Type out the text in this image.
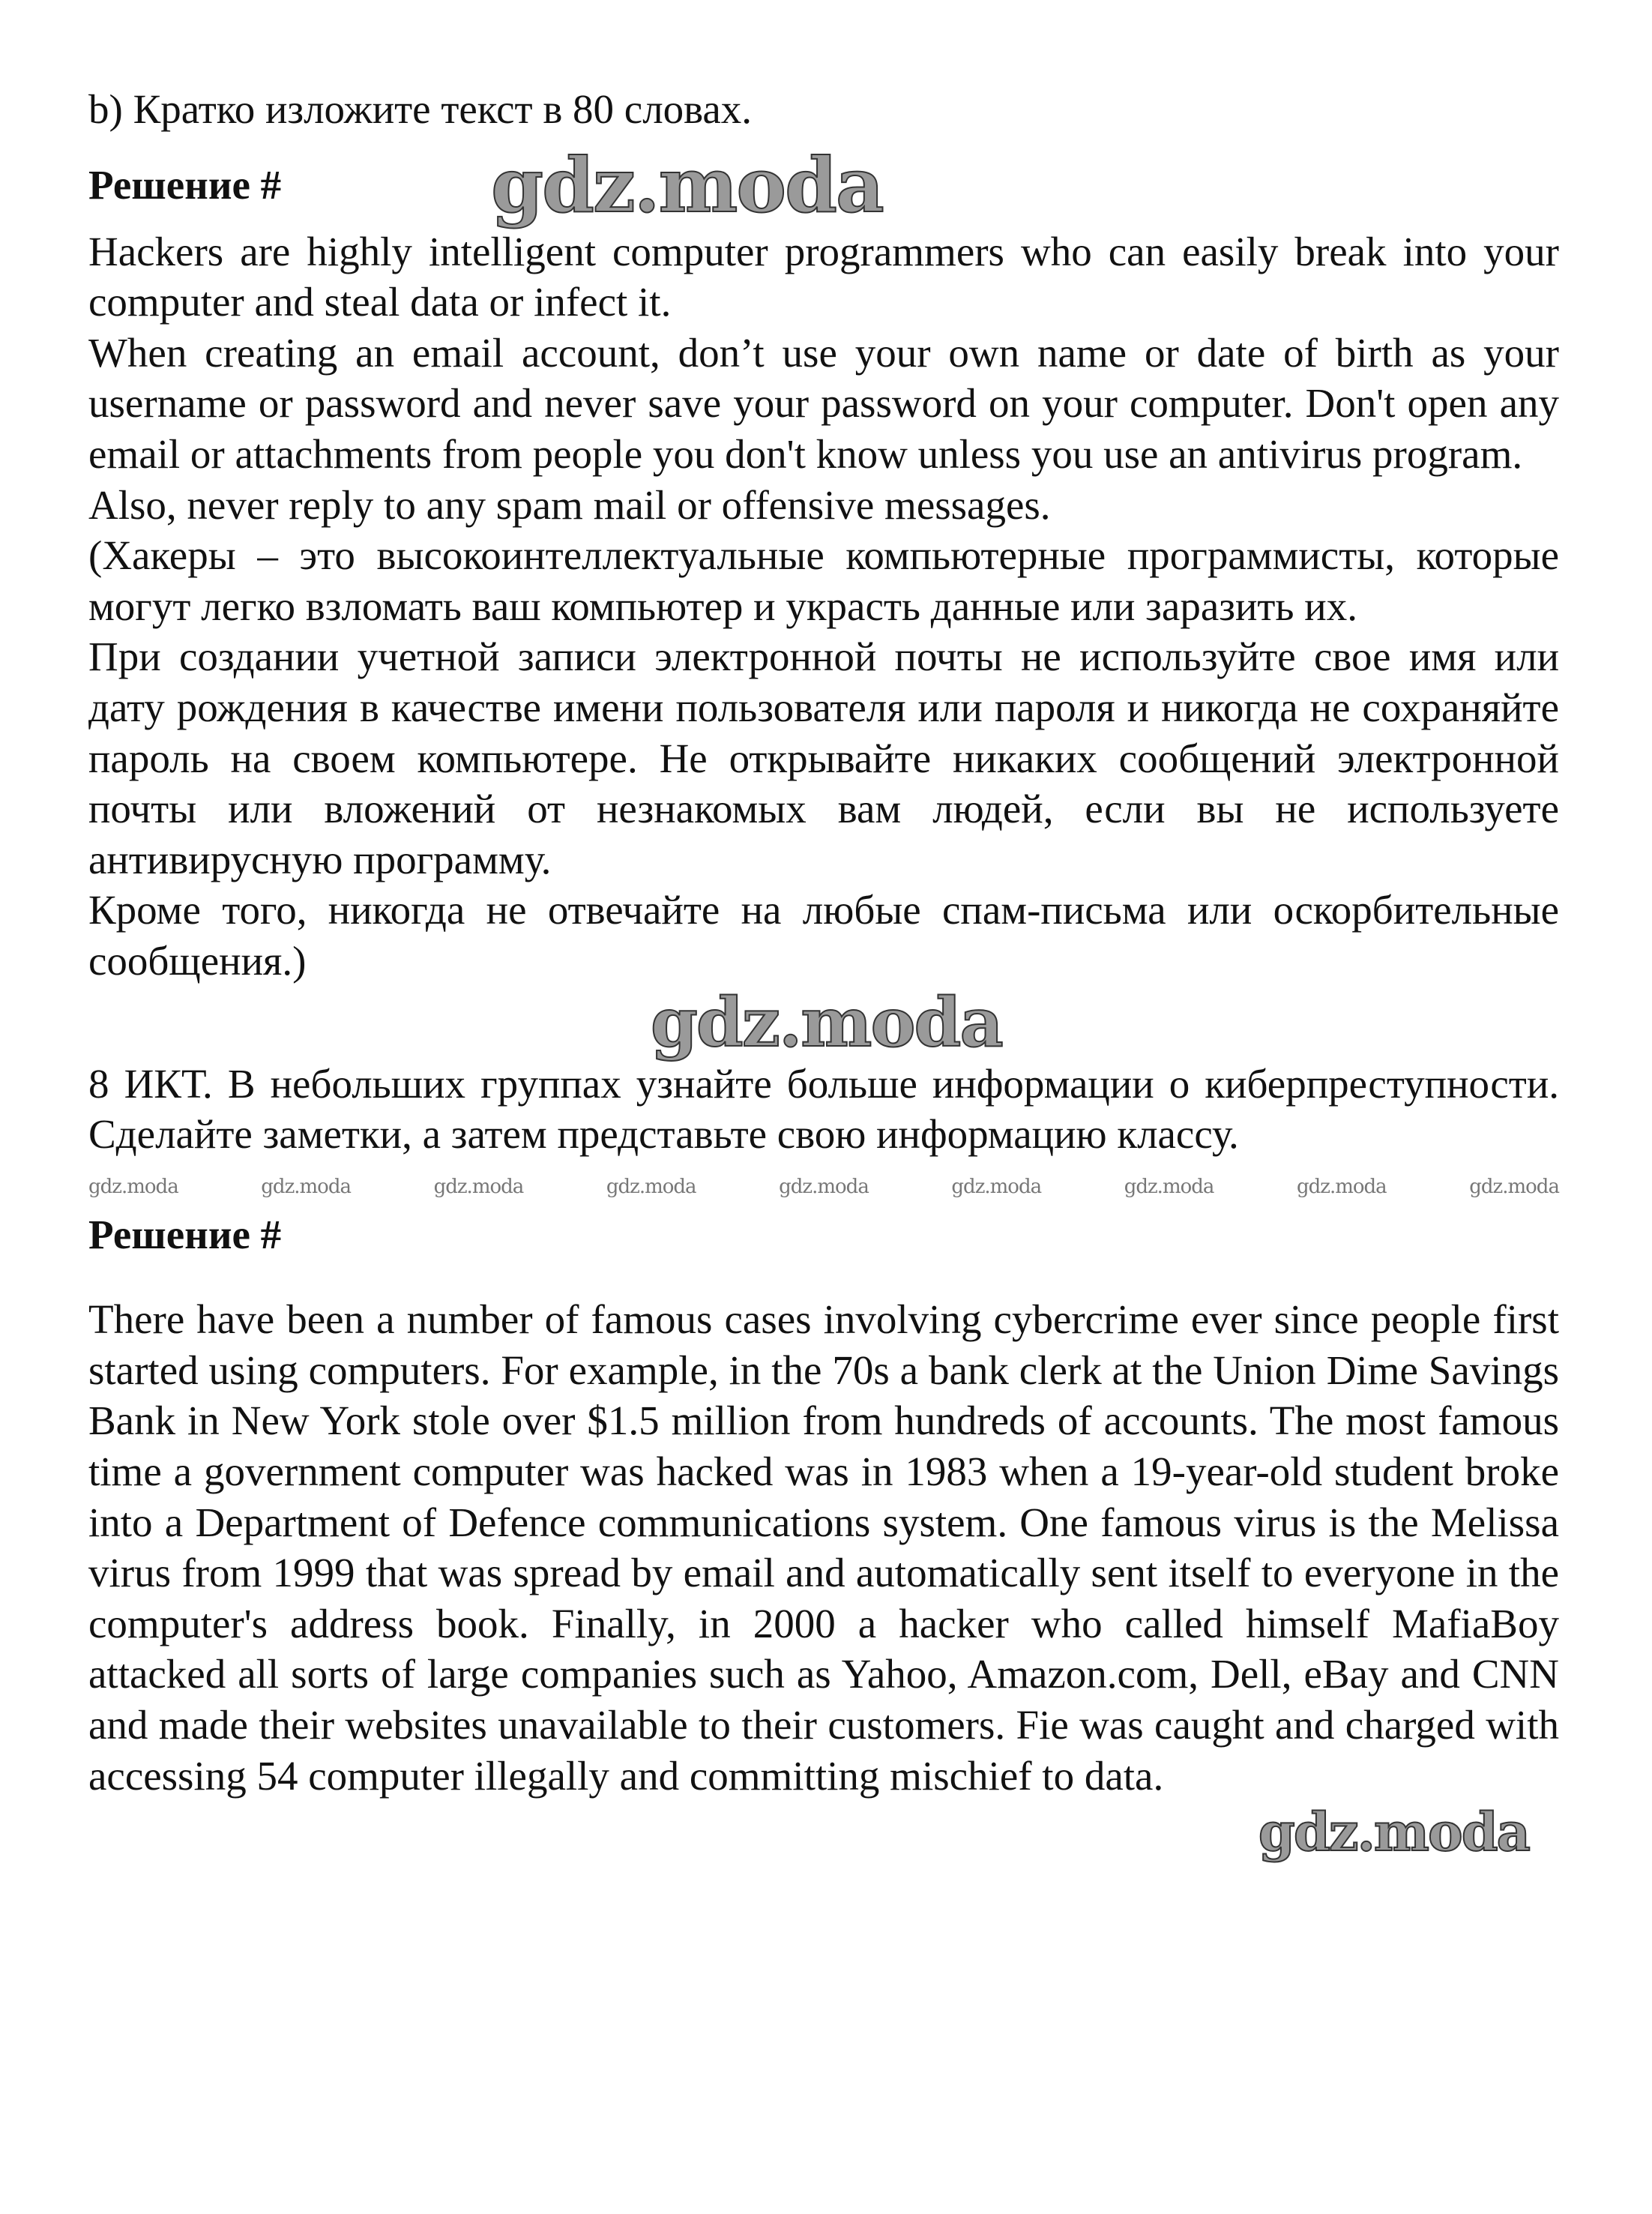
b) Кратко изложите текст в 80 словах.

Решение #	gdz.moda

Hackers are highly intelligent computer programmers who can easily break into your computer and steal data or infect it.

When creating an email account, don’t use your own name or date of birth as your username or password and never save your password on your computer. Don't open any email or attachments from people you don't know unless you use an antivirus program.

Also, never reply to any spam mail or offensive messages.

(Хакеры – это высокоинтеллектуальные компьютерные программисты, которые могут легко взломать ваш компьютер и украсть данные или заразить их.

При создании учетной записи электронной почты не используйте свое имя или дату рождения в качестве имени пользователя или пароля и никогда не сохраняйте пароль на своем компьютере. Не открывайте никаких сообщений электронной почты или вложений от незнакомых вам людей, если вы не используете антивирусную программу.

Кроме того, никогда не отвечайте на любые спам-письма или оскорбительные сообщения.)

gdz.moda

8 ИКТ. В небольших группах узнайте больше информации о киберпреступности. Сделайте заметки, а затем представьте свою информацию классу.

gdz.moda	gdz.moda	gdz.moda	gdz.moda	gdz.moda	gdz.moda	gdz.moda	gdz.moda	gdz.moda
Решение #

There have been a number of famous cases involving cybercrime ever since people first started using computers. For example, in the 70s a bank clerk at the Union Dime Savings Bank in New York stole over $1.5 million from hundreds of accounts. The most famous time a government computer was hacked was in 1983 when a 19-year-old student broke into a Department of Defence communications system. One famous virus is the Melissa virus from 1999 that was spread by email and automatically sent itself to everyone in the computer's address book. Finally, in 2000 a hacker who called himself MafiaBoy attacked all sorts of large companies such as Yahoo, Amazon.com, Dell, eBay and CNN and made their websites unavailable to their customers. Fie was caught and charged with accessing 54 computer illegally and committing mischief to data.

gdz.moda
